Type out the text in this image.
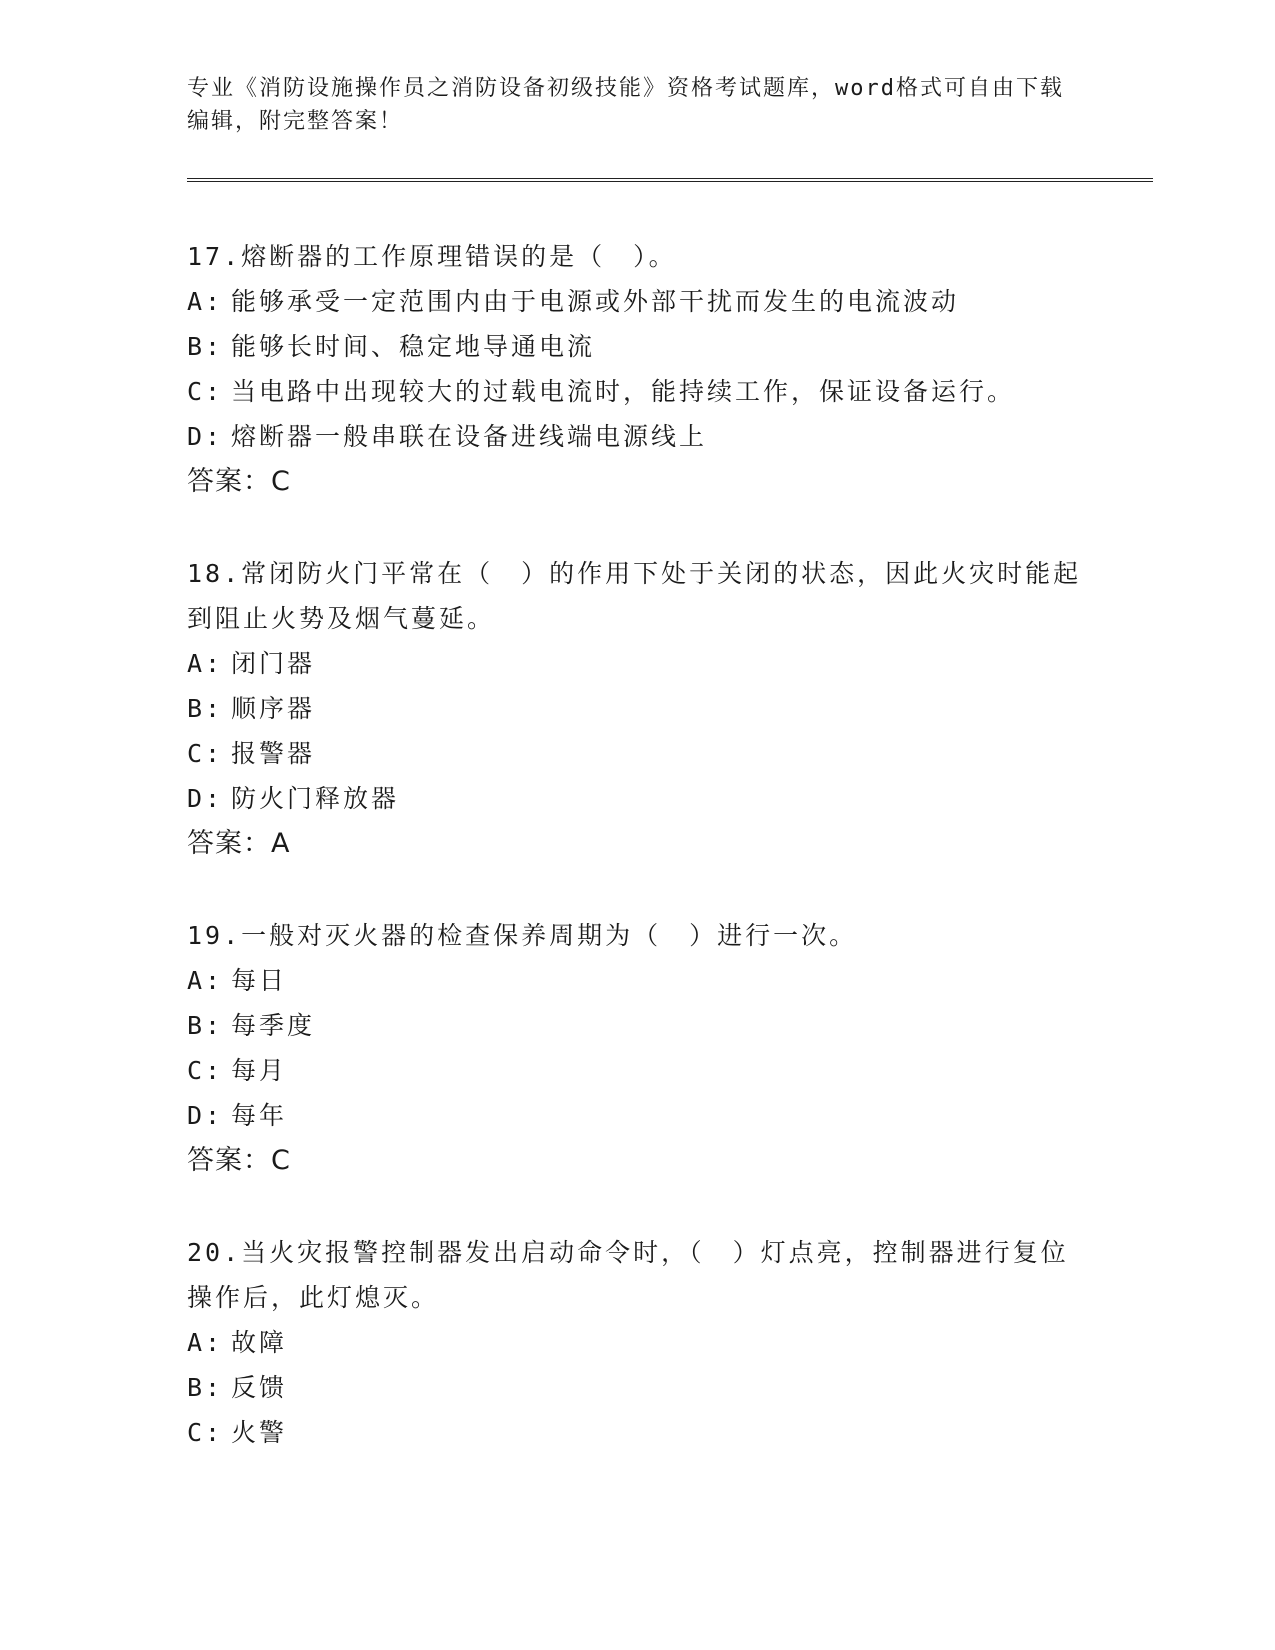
专业《消防设施操作员之消防设备初级技能》资格考试题库，word格式可自由下载编辑，附完整答案！

17.熔断器的工作原理错误的是（　）。

A: 能够承受一定范围内由于电源或外部干扰而发生的电流波动
B: 能够长时间、稳定地导通电流
C: 当电路中出现较大的过载电流时，能持续工作，保证设备运行。
D: 熔断器一般串联在设备进线端电源线上

答案：C

18.常闭防火门平常在（　）的作用下处于关闭的状态，因此火灾时能起到阻止火势及烟气蔓延。

A: 闭门器
B: 顺序器
C: 报警器
D: 防火门释放器

答案：A

19.一般对灭火器的检查保养周期为（　）进行一次。

A: 每日
B: 每季度
C: 每月
D: 每年

答案：C

20.当火灾报警控制器发出启动命令时，（　）灯点亮，控制器进行复位操作后，此灯熄灭。

A: 故障
B: 反馈
C: 火警
